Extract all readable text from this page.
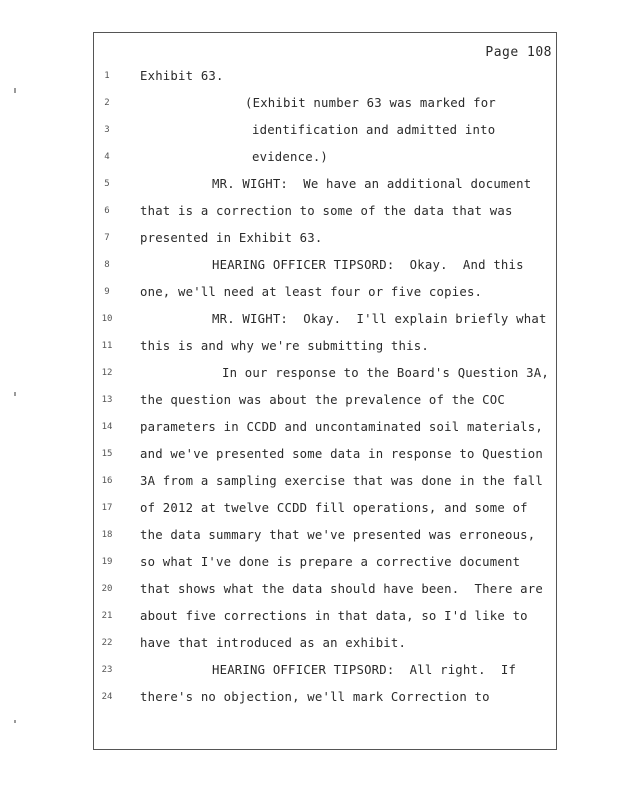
Page 108
1	Exhibit 63.
2	(Exhibit number 63 was marked for
3	identification and admitted into
4	evidence.)
5	MR. WIGHT:  We have an additional document
6	that is a correction to some of the data that was
7	presented in Exhibit 63.
8	HEARING OFFICER TIPSORD:  Okay.  And this
9	one, we'll need at least four or five copies.
10	MR. WIGHT:  Okay.  I'll explain briefly what
11	this is and why we're submitting this.
12	In our response to the Board's Question 3A,
13	the question was about the prevalence of the COC
14	parameters in CCDD and uncontaminated soil materials,
15	and we've presented some data in response to Question
16	3A from a sampling exercise that was done in the fall
17	of 2012 at twelve CCDD fill operations, and some of
18	the data summary that we've presented was erroneous,
19	so what I've done is prepare a corrective document
20	that shows what the data should have been.  There are
21	about five corrections in that data, so I'd like to
22	have that introduced as an exhibit.
23	HEARING OFFICER TIPSORD:  All right.  If
24	there's no objection, we'll mark Correction to
